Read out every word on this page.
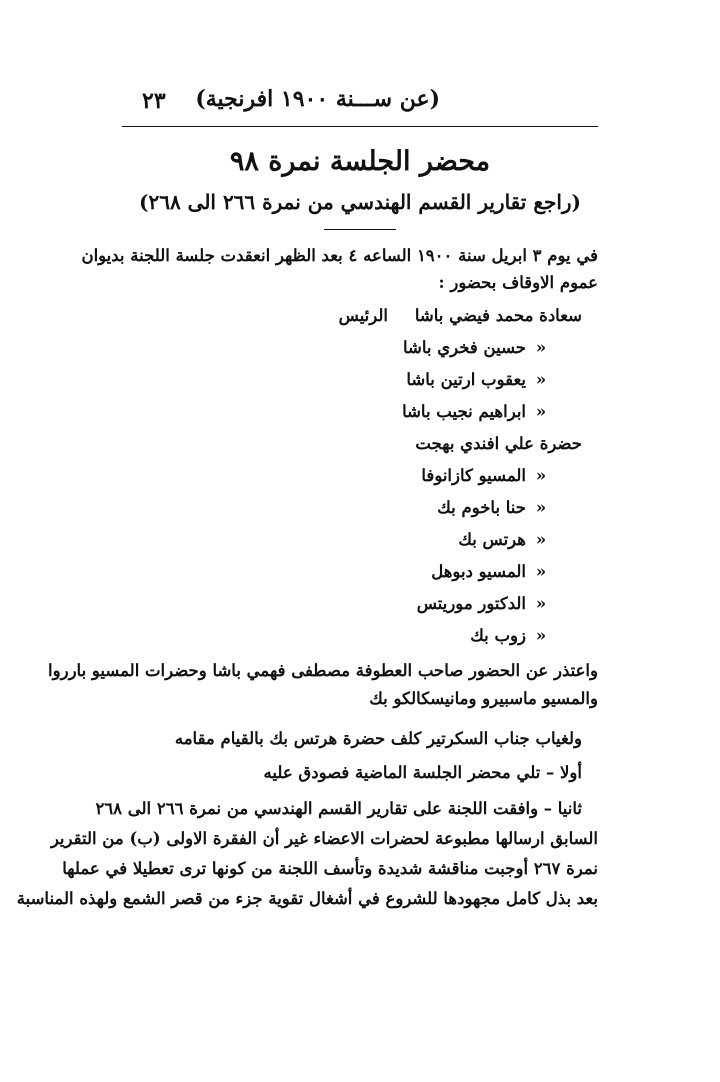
٢٣ (عن ســـنة ١٩٠٠ افرنجية)
محضر الجلسة نمرة ٩٨
(راجع تقارير القسم الهندسي من نمرة ٢٦٦ الى ٢٦٨)
في يوم ٣ ابريل سنة ١٩٠٠ الساعه ٤ بعد الظهر انعقدت جلسة اللجنة بديوان
عموم الاوقاف بحضور :
سعادة محمد فيضي باشا
الرئيس
«حسين فخري باشا
«يعقوب ارتين باشا
«ابراهيم نجيب باشا
حضرة علي افندي بهجت
«المسيو كازانوفا
«حنا باخوم بك
«هرتس بك
«المسيو دبوهل
«الدكتور موريتس
«زوب بك
واعتذر عن الحضور صاحب العطوفة مصطفى فهمي باشا وحضرات المسيو بارروا
والمسيو ماسبيرو ومانيسكالكو بك
ولغياب جناب السكرتير كلف حضرة هرتس بك بالقيام مقامه
أولا – تلي محضر الجلسة الماضية فصودق عليه
ثانيا – وافقت اللجنة على تقارير القسم الهندسي من نمرة ٢٦٦ الى ٢٦٨
السابق ارسالها مطبوعة لحضرات الاعضاء غير أن الفقرة الاولى (ب) من التقرير
نمرة ٢٦٧ أوجبت مناقشة شديدة وتأسف اللجنة من كونها ترى تعطيلا في عملها
بعد بذل كامل مجهودها للشروع في أشغال تقوية جزء من قصر الشمع ولهذه المناسبة
